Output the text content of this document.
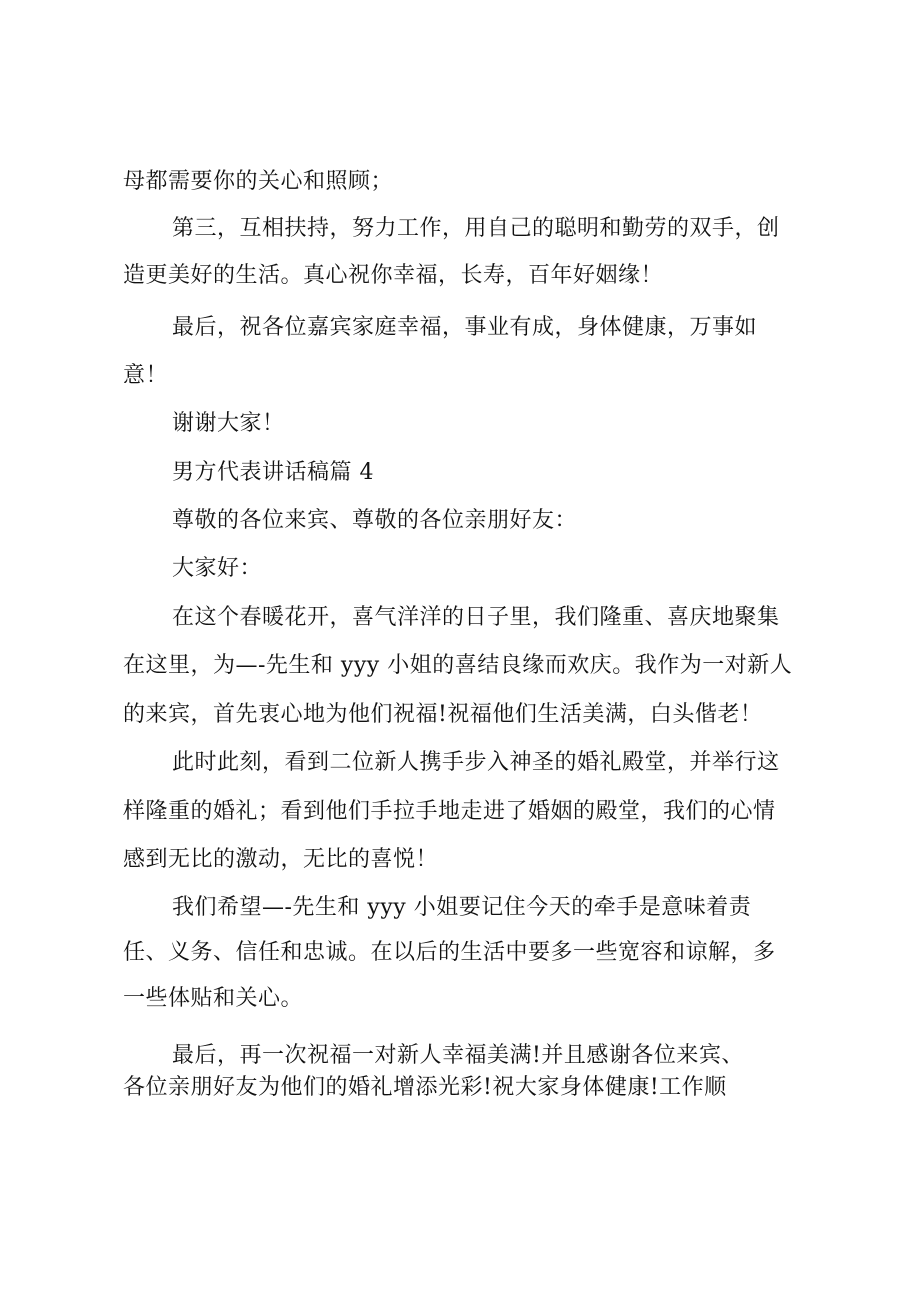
母都需要你的关心和照顾；
第三，互相扶持，努力工作，用自己的聪明和勤劳的双手，创
造更美好的生活。真心祝你幸福，长寿，百年好姻缘！
最后，祝各位嘉宾家庭幸福，事业有成，身体健康，万事如
意！
谢谢大家！
男方代表讲话稿篇 4
尊敬的各位来宾、尊敬的各位亲朋好友：
大家好：
在这个春暖花开，喜气洋洋的日子里，我们隆重、喜庆地聚集
在这里，为—-先生和 yyy 小姐的喜结良缘而欢庆。我作为一对新人
的来宾，首先衷心地为他们祝福!祝福他们生活美满，白头偕老！
此时此刻，看到二位新人携手步入神圣的婚礼殿堂，并举行这
样隆重的婚礼；看到他们手拉手地走进了婚姻的殿堂，我们的心情
感到无比的激动，无比的喜悦！
我们希望—-先生和 yyy 小姐要记住今天的牵手是意味着责
任、义务、信任和忠诚。在以后的生活中要多一些宽容和谅解，多
一些体贴和关心。
最后，再一次祝福一对新人幸福美满!并且感谢各位来宾、
各位亲朋好友为他们的婚礼增添光彩!祝大家身体健康!工作顺
